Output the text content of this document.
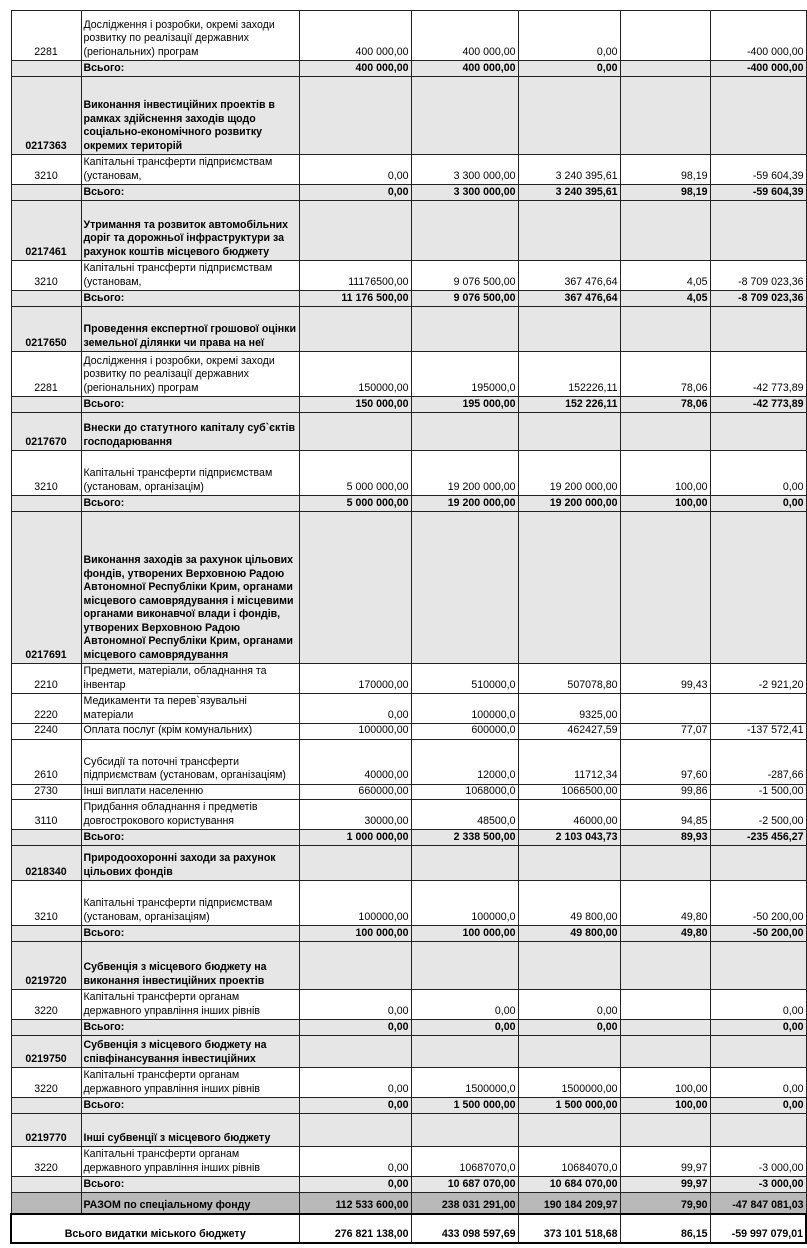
2281	Дослідження і розробки, окремі заходи розвитку по реалізації державних (регіональних) програм	400 000,00	400 000,00	0,00		-400 000,00
	Всього:	400 000,00	400 000,00	0,00		-400 000,00
0217363	Виконання інвестиційних проектів в рамках здійснення заходів щодо соціально-економічного розвитку окремих територій					
3210	Капітальні трансферти підприємствам (установам,	0,00	3 300 000,00	3 240 395,61	98,19	-59 604,39
	Всього:	0,00	3 300 000,00	3 240 395,61	98,19	-59 604,39
0217461	Утримання та розвиток автомобільних доріг та дорожньої інфраструктури за рахунок коштів місцевого бюджету					
3210	Капітальні трансферти підприємствам (установам,	11176500,00	9 076 500,00	367 476,64	4,05	-8 709 023,36
	Всього:	11 176 500,00	9 076 500,00	367 476,64	4,05	-8 709 023,36
0217650	Проведення експертної грошової оцінки земельної ділянки чи права на неї					
2281	Дослідження і розробки, окремі заходи розвитку по реалізації державних (регіональних) програм	150000,00	195000,0	152226,11	78,06	-42 773,89
	Всього:	150 000,00	195 000,00	152 226,11	78,06	-42 773,89
0217670	Внески до статутного капіталу суб`єктів господарювання					
3210	Капітальні трансферти підприємствам (установам, організацім)	5 000 000,00	19 200 000,00	19 200 000,00	100,00	0,00
	Всього:	5 000 000,00	19 200 000,00	19 200 000,00	100,00	0,00
0217691	Виконання заходів за рахунок цільових фондів, утворених Верховною Радою Автономної Республіки Крим, органами місцевого самоврядування і місцевими органами виконавчої влади і фондів, утворених Верховною Радою Автономної Республіки Крим, органами місцевого самоврядування					
2210	Предмети, матеріали, обладнання та інвентар	170000,00	510000,0	507078,80	99,43	-2 921,20
2220	Медикаменти та перев`язувальні матеріали	0,00	100000,0	9325,00		
2240	Оплата послуг (крім комунальних)	100000,00	600000,0	462427,59	77,07	-137 572,41
2610	Субсидії та поточні трансферти підприємствам (установам, організаціям)	40000,00	12000,0	11712,34	97,60	-287,66
2730	Інші виплати населенню	660000,00	1068000,0	1066500,00	99,86	-1 500,00
3110	Придбання обладнання і предметів довгострокового користування	30000,00	48500,0	46000,00	94,85	-2 500,00
	Всього:	1 000 000,00	2 338 500,00	2 103 043,73	89,93	-235 456,27
0218340	Природоохоронні заходи за рахунок цільових фондів					
3210	Капітальні трансферти підприємствам (установам, організаціям)	100000,00	100000,0	49 800,00	49,80	-50 200,00
	Всього:	100 000,00	100 000,00	49 800,00	49,80	-50 200,00
0219720	Субвенція з місцевого бюджету на виконання інвестиційних проектів					
3220	Капітальні трансферти органам державного управління інших рівнів	0,00	0,00	0,00		0,00
	Всього:	0,00	0,00	0,00		0,00
0219750	Субвенція з місцевого бюджету на співфінансування інвестиційних					
3220	Капітальні трансферти органам державного управління інших рівнів	0,00	1500000,0	1500000,00	100,00	0,00
	Всього:	0,00	1 500 000,00	1 500 000,00	100,00	0,00
0219770	Інші субвенції з місцевого бюджету					
3220	Капітальні трансферти органам державного управління інших рівнів	0,00	10687070,0	10684070,0	99,97	-3 000,00
	Всього:	0,00	10 687 070,00	10 684 070,00	99,97	-3 000,00
	РАЗОМ по спеціальному фонду	112 533 600,00	238 031 291,00	190 184 209,97	79,90	-47 847 081,03
Всього видатки міського бюджету		276 821 138,00	433 098 597,69	373 101 518,68	86,15	-59 997 079,01
